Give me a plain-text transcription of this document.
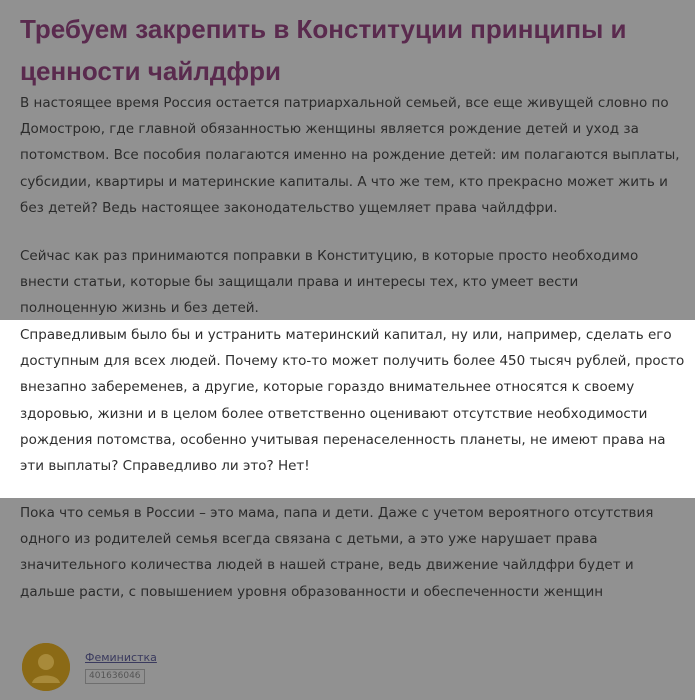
Требуем закрепить в Конституции принципы и ценности чайлдфри

В настоящее время Россия остается патриархальной семьей, все еще живущей словно по Домострою, где главной обязанностью женщины является рождение детей и уход за потомством. Все пособия полагаются именно на рождение детей: им полагаются выплаты, субсидии, квартиры и материнские капиталы. А что же тем, кто прекрасно может жить и без детей? Ведь настоящее законодательство ущемляет права чайлдфри.

Сейчас как раз принимаются поправки в Конституцию, в которые просто необходимо внести статьи, которые бы защищали права и интересы тех, кто умеет вести полноценную жизнь и без детей.

Справедливым было бы и устранить материнский капитал, ну или, например, сделать его доступным для всех людей. Почему кто-то может получить более 450 тысяч рублей, просто внезапно забеременев, а другие, которые гораздо внимательнее относятся к своему здоровью, жизни и в целом более ответственно оценивают отсутствие необходимости рождения потомства, особенно учитывая перенаселенность планеты, не имеют права на эти выплаты? Справедливо ли это? Нет!

Пока что семья в России – это мама, папа и дети. Даже с учетом вероятного отсутствия одного из родителей семья всегда связана с детьми, а это уже нарушает права значительного количества людей в нашей стране, ведь движение чайлдфри будет и дальше расти, с повышением уровня образованности и обеспеченности женщин

Феминистка
401636046
